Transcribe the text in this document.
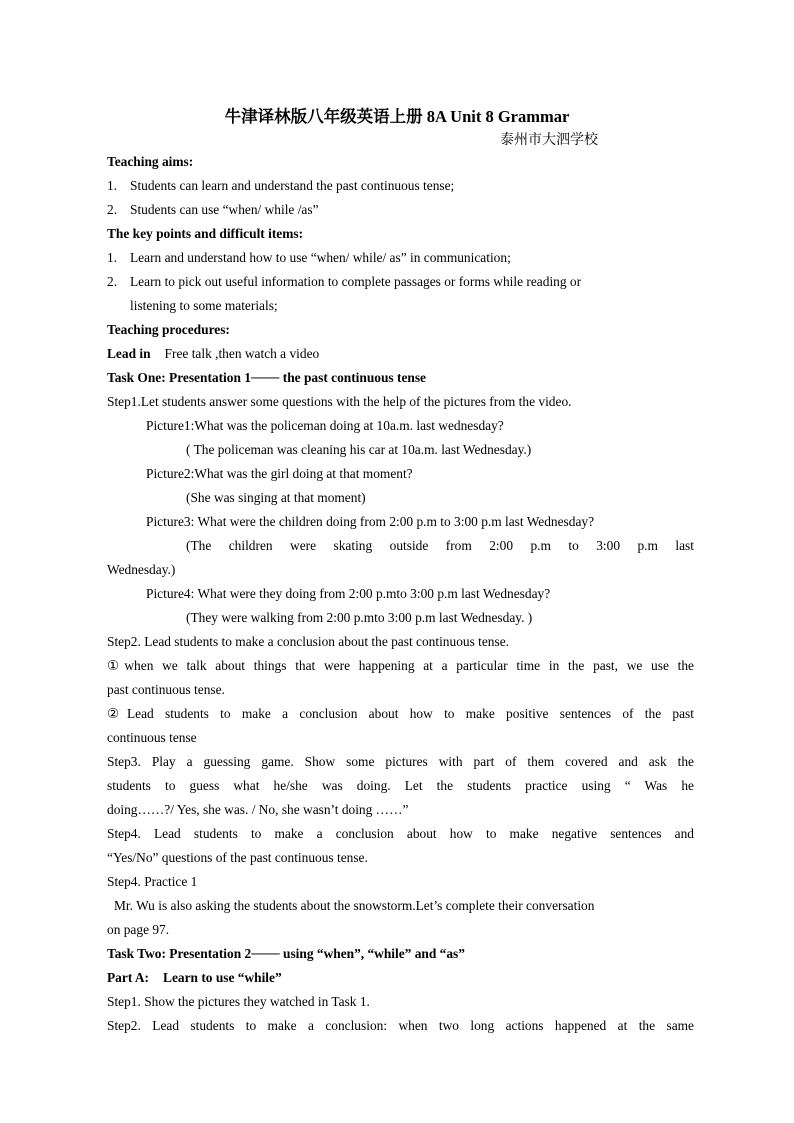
牛津译林版八年级英语上册 8A Unit 8 Grammar
泰州市大泗学校
Teaching aims:
1. Students can learn and understand the past continuous tense;
2. Students can use “when/ while /as”
The key points and difficult items:
1. Learn and understand how to use “when/ while/ as” in communication;
2. Learn to pick out useful information to complete passages or forms while reading or
listening to some materials;
Teaching procedures:
Lead in Free talk ,then watch a video
Task One: Presentation 1─── the past continuous tense
Step1.Let students answer some questions with the help of the pictures from the video.
Picture1:What was the policeman doing at 10a.m. last wednesday?
( The policeman was cleaning his car at 10a.m. last Wednesday.)
Picture2:What was the girl doing at that moment?
(She was singing at that moment)
Picture3: What were the children doing from 2:00 p.m to 3:00 p.m last Wednesday?
(The children were skating outside from 2:00 p.m to 3:00 p.m last
Wednesday.)
Picture4: What were they doing from 2:00 p.mto 3:00 p.m last Wednesday?
(They were walking from 2:00 p.mto 3:00 p.m last Wednesday. )
Step2. Lead students to make a conclusion about the past continuous tense.
①when we talk about things that were happening at a particular time in the past, we use the
past continuous tense.
②Lead students to make a conclusion about how to make positive sentences of the past
continuous tense
Step3. Play a guessing game. Show some pictures with part of them covered and ask the
students to guess what he/she was doing. Let the students practice using “ Was he
doing……?/ Yes, she was. / No, she wasn’t doing ……”
Step4. Lead students to make a conclusion about how to make negative sentences and
“Yes/No” questions of the past continuous tense.
Step4. Practice 1
Mr. Wu is also asking the students about the snowstorm.Let’s complete their conversation
on page 97.
Task Two: Presentation 2─── using “when”, “while” and “as”
Part A: Learn to use “while”
Step1. Show the pictures they watched in Task 1.
Step2. Lead students to make a conclusion: when two long actions happened at the same
